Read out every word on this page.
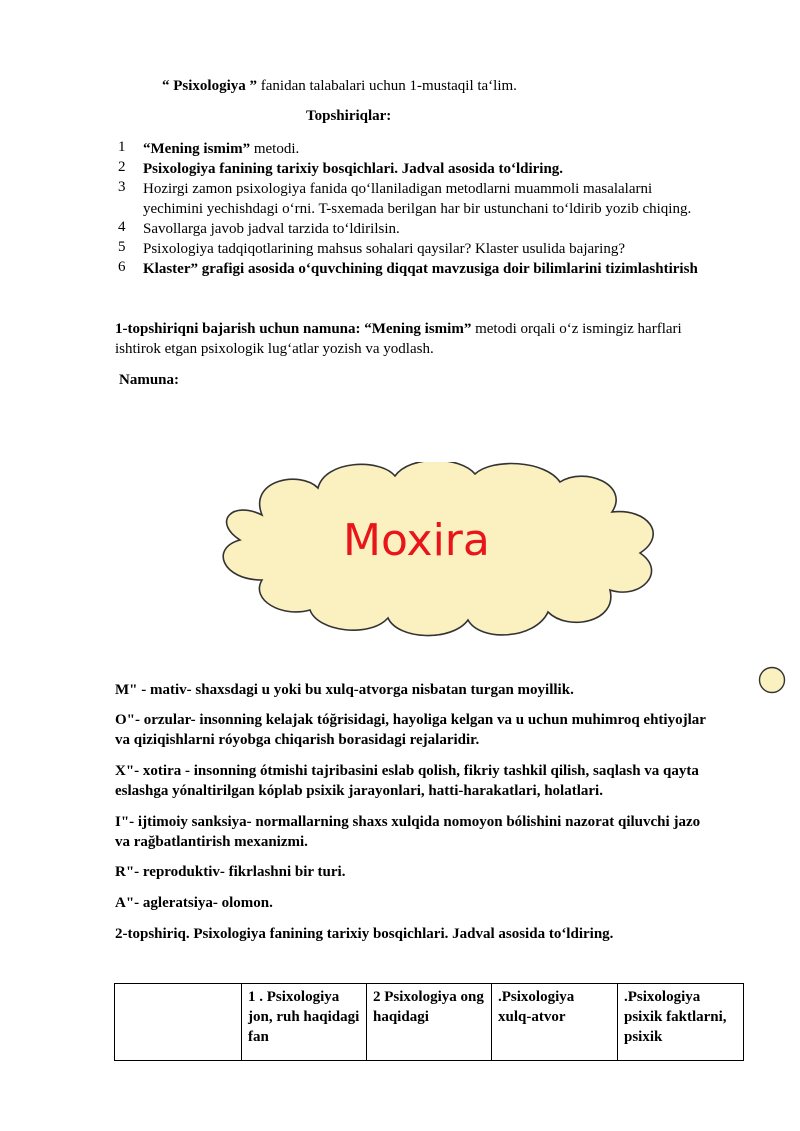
“ Psixologiya ” fanidan talabalari uchun 1-mustaqil ta‘lim.
Topshiriqlar:
1 “Mening ismim” metodi.
2 Psixologiya fanining tarixiy bosqichlari. Jadval asosida to‘ldiring.
3 Hozirgi zamon psixologiya fanida qo‘llaniladigan metodlarni muammoli masalalarni
yechimini yechishdagi o‘rni. T-sxemada berilgan har bir ustunchani to‘ldirib yozib chiqing.
4 Savollarga javob jadval tarzida to‘ldirilsin.
5 Psixologiya tadqiqotlarining mahsus sohalari qaysilar? Klaster usulida bajaring?
6 Klaster” grafigi asosida o‘quvchining diqqat mavzusiga doir bilimlarini tizimlashtirish
1-topshiriqni bajarish uchun namuna: “Mening ismim” metodi orqali o‘z ismingiz harflari
ishtirok etgan psixologik lug‘atlar yozish va yodlash.
Namuna:
Moxira
M" - mativ- shaxsdagi u yoki bu xulq-atvorga nisbatan turgan moyillik.
O"- orzular- insonning kelajak tóğrisidagi, hayoliga kelgan va u uchun muhimroq ehtiyojlar
va qiziqishlarni róyobga chiqarish borasidagi rejalaridir.
X"- xotira - insonning ótmishi tajribasini eslab qolish, fikriy tashkil qilish, saqlash va qayta
eslashga yónaltirilgan kóplab psixik jarayonlari, hatti-harakatlari, holatlari.
I"- ijtimoiy sanksiya- normallarning shaxs xulqida nomoyon bólishini nazorat qiluvchi jazo
va rağbatlantirish mexanizmi.
R"- reproduktiv- fikrlashni bir turi.
A"- agleratsiya- olomon.
2-topshiriq. Psixologiya fanining tarixiy bosqichlari. Jadval asosida to‘ldiring.
	1 . Psixologiya jon, ruh haqidagi fan	2 Psixologiya ong haqidagi	.Psixologiya xulq-atvor	.Psixologiya psixik faktlarni, psixik
